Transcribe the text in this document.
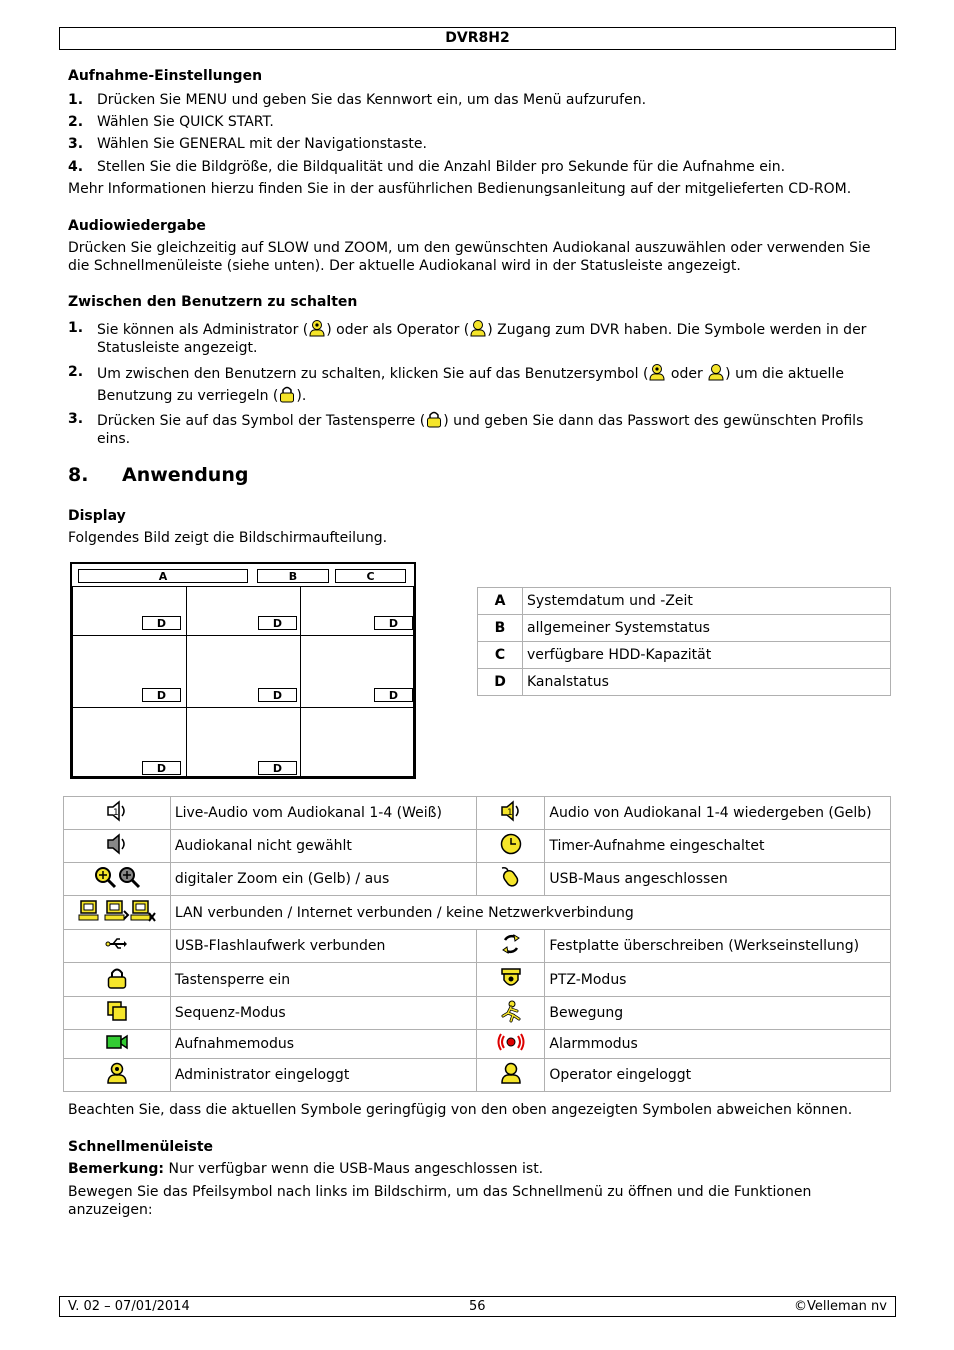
DVR8H2
Aufnahme-Einstellungen
1. Drücken Sie MENU und geben Sie das Kennwort ein, um das Menü aufzurufen.
2. Wählen Sie QUICK START.
3. Wählen Sie GENERAL mit der Navigationstaste.
4. Stellen Sie die Bildgröße, die Bildqualität und die Anzahl Bilder pro Sekunde für die Aufnahme ein.

Mehr Informationen hierzu finden Sie in der ausführlichen Bedienungsanleitung auf der mitgelieferten CD-ROM.

Audiowiedergabe

Drücken Sie gleichzeitig auf SLOW und ZOOM, um den gewünschten Audiokanal auszuwählen oder verwenden Sie die Schnellmenüleiste (siehe unten). Der aktuelle Audiokanal wird in der Statusleiste angezeigt.

Zwischen den Benutzern zu schalten
1. Sie können als Administrator ( ) oder als Operator ( ) Zugang zum DVR haben. Die Symbole werden in der Statusleiste angezeigt.
2. Um zwischen den Benutzern zu schalten, klicken Sie auf das Benutzersymbol ( oder ) um die aktuelle Benutzung zu verriegeln ( ).
3. Drücken Sie auf das Symbol der Tastensperre ( ) und geben Sie dann das Passwort des gewünschten Profils eins.
8. Anwendung
Display

Folgendes Bild zeigt die Bildschirmaufteilung.

A	B	C
D	D	D
D	D	D
D	D
A	Systemdatum und -Zeit
B	allgemeiner Systemstatus
C	verfügbare HDD-Kapazität
D	Kanalstatus
1	Live-Audio vom Audiokanal 1-4 (Weiß)	1	Audio von Audiokanal 1-4 wiedergeben (Gelb)
	Audiokanal nicht gewählt		Timer-Aufnahme eingeschaltet
	digitaler Zoom ein (Gelb) / aus		USB-Maus angeschlossen
	LAN verbunden / Internet verbunden / keine Netzwerkverbindung		
	USB-Flashlaufwerk verbunden		Festplatte überschreiben (Werkseinstellung)
	Tastensperre ein		PTZ-Modus
	Sequenz-Modus		Bewegung
	Aufnahmemodus		Alarmmodus
	Administrator eingeloggt		Operator eingeloggt

Beachten Sie, dass die aktuellen Symbole geringfügig von den oben angezeigten Symbolen abweichen können.

Schnellmenüleiste

Bemerkung: Nur verfügbar wenn die USB-Maus angeschlossen ist.

Bewegen Sie das Pfeilsymbol nach links im Bildschirm, um das Schnellmenü zu öffnen und die Funktionen anzuzeigen:

V. 02 – 07/01/2014	56	©Velleman nv
